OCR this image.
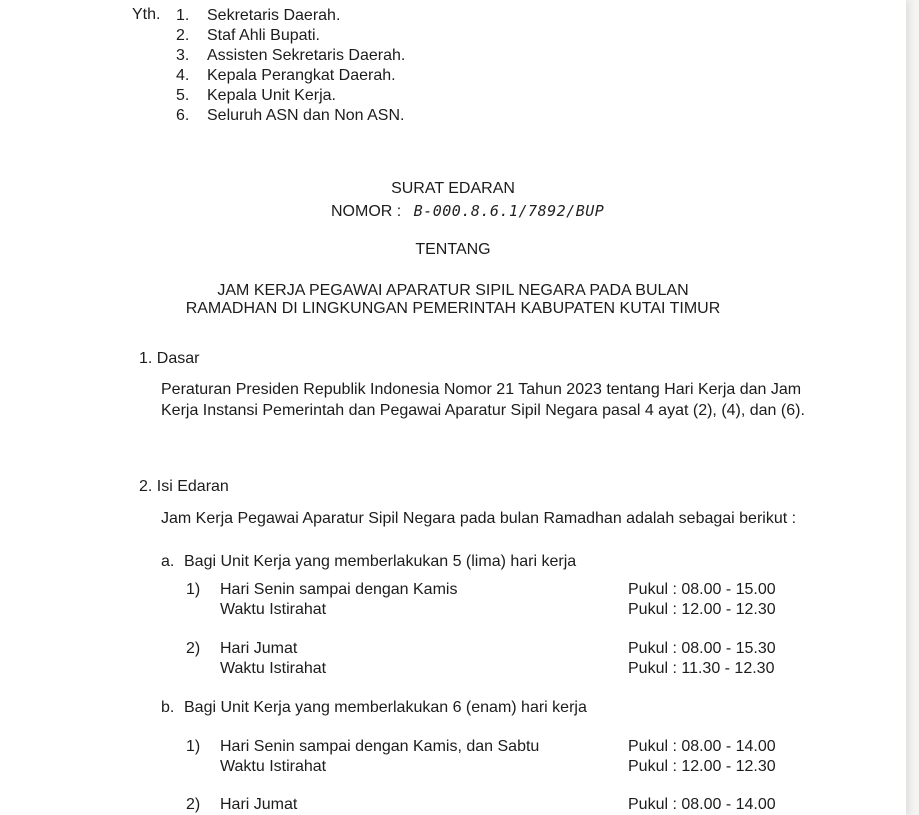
Yth. 1. Sekretaris Daerah.
2. Staf Ahli Bupati.
3. Assisten Sekretaris Daerah.
4. Kepala Perangkat Daerah.
5. Kepala Unit Kerja.
6. Seluruh ASN dan Non ASN.
SURAT EDARAN
NOMOR : B-000.8.6.1/7892/BUP
TENTANG
JAM KERJA PEGAWAI APARATUR SIPIL NEGARA PADA BULAN
RAMADHAN DI LINGKUNGAN PEMERINTAH KABUPATEN KUTAI TIMUR
1. Dasar

Peraturan Presiden Republik Indonesia Nomor 21 Tahun 2023 tentang Hari Kerja dan Jam Kerja Instansi Pemerintah dan Pegawai Aparatur Sipil Negara pasal 4 ayat (2), (4), dan (6).

2. Isi Edaran

Jam Kerja Pegawai Aparatur Sipil Negara pada bulan Ramadhan adalah sebagai berikut :

a. Bagi Unit Kerja yang memberlakukan 5 (lima) hari kerja
1) Hari Senin sampai dengan Kamis	Pukul : 08.00 - 15.00
Waktu Istirahat	Pukul : 12.00 - 12.30
2) Hari Jumat	Pukul : 08.00 - 15.30
Waktu Istirahat	Pukul : 11.30 - 12.30
b. Bagi Unit Kerja yang memberlakukan 6 (enam) hari kerja
1) Hari Senin sampai dengan Kamis, dan Sabtu	Pukul : 08.00 - 14.00
Waktu Istirahat	Pukul : 12.00 - 12.30
2) Hari Jumat	Pukul : 08.00 - 14.00
